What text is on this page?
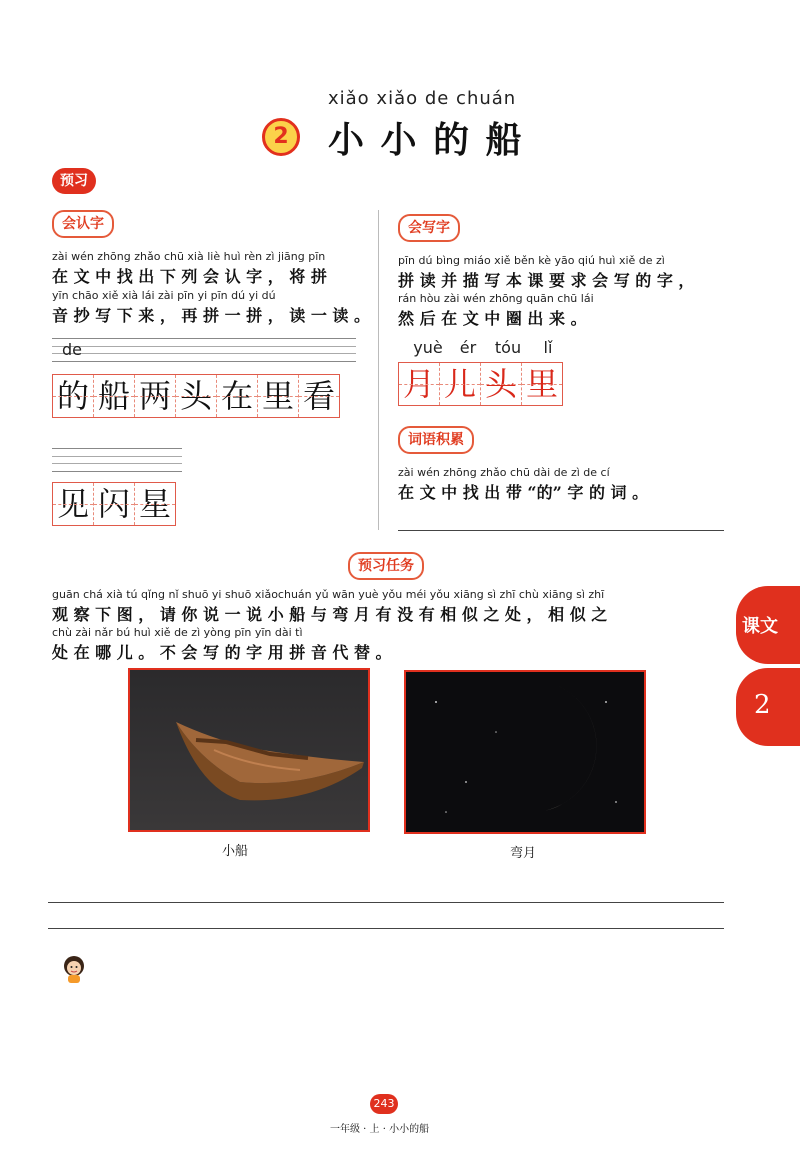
xiǎo xiǎo de chuán
2	小 小 的 船
预习
会认字
zài wén zhōng zhǎo chū xià liè huì rèn zì jiāng pīn
在 文 中 找 出 下 列 会 认 字 ， 将 拼
yīn chāo xiě xià lái zài pīn yi pīn dú yi dú
音 抄 写 下 来 ， 再 拼 一 拼 ， 读 一 读 。
de
的 船 两 头 在 里 看
见 闪 星
会写字
pīn dú bìng miáo xiě běn kè yāo qiú huì xiě de zì
拼 读 并 描 写 本 课 要 求 会 写 的 字 ，
rán hòu zài wén zhōng quān chū lái
然 后 在 文 中 圈 出 来 。
yuè	ér	tóu	lǐ
月 儿 头 里
词语积累
zài wén zhōng zhǎo chū dài de zì de cí
在 文 中 找 出 带 “的” 字 的 词 。
预习任务
guān chá xià tú qǐng nǐ shuō yi shuō xiǎochuán yǔ wān yuè yǒu méi yǒu xiāng sì zhī chù xiāng sì zhī
观 察 下 图 ， 请 你 说 一 说 小 船 与 弯 月 有 没 有 相 似 之 处 ， 相 似 之
chù zài nǎr bú huì xiě de zì yòng pīn yīn dài tì
处 在 哪 儿 。 不 会 写 的 字 用 拼 音 代 替 。
小船	弯月
课文
2
243
一年级 · 上 · 小小的船
